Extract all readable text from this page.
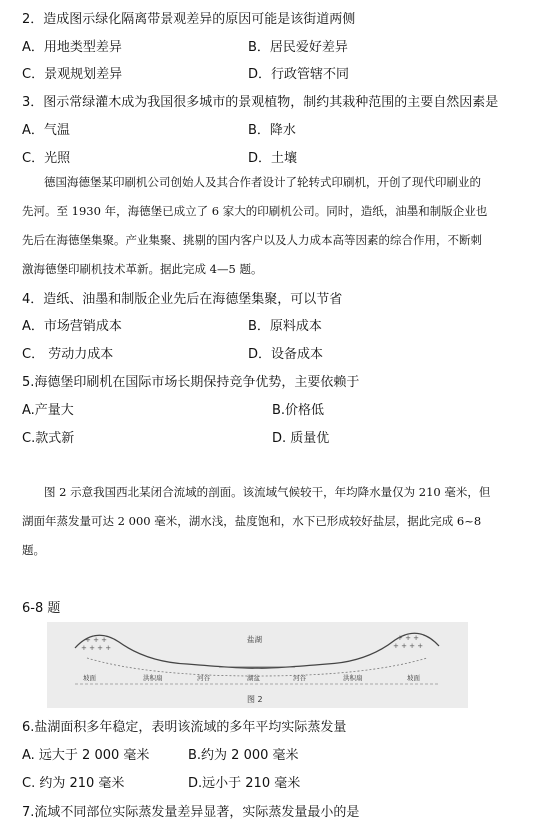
2．造成图示绿化隔离带景观差异的原因可能是该街道两侧
A．用地类型差异	B．居民爱好差异
C．景观规划差异	D．行政管辖不同
3．图示常绿灌木成为我国很多城市的景观植物，制约其栽种范围的主要自然因素是
A．气温	B．降水
C．光照	D．土壤
德国海德堡某印刷机公司创始人及其合作者设计了轮转式印刷机，开创了现代印刷业的
先河。至 1930 年，海德堡已成立了 6 家大的印刷机公司。同时，造纸，油墨和制版企业也
先后在海德堡集聚。产业集聚、挑剔的国内客户以及人力成本高等因素的综合作用，不断刺
激海德堡印刷机技术革新。据此完成 4—5 题。
4．造纸、油墨和制版企业先后在海德堡集聚，可以节省
A．市场营销成本	B．原料成本
C． 劳动力成本	D．设备成本
5.海德堡印刷机在国际市场长期保持竞争优势，主要依赖于
A.产量大	B.价格低
C.款式新	D. 质量优
图 2 示意我国西北某闭合流域的剖面。该流域气候较干，年均降水量仅为 210 毫米，但
湖面年蒸发量可达 2 000 毫米，湖水浅，盐度饱和，水下已形成较好盐层，据此完成 6~8
题。
6-8 题
+ + +
+ + + +
+ + +
+ + + +
盐湖
坡面	洪积扇	河谷	湖盆	河谷	洪积扇	坡面
图 2
6.盐湖面积多年稳定，表明该流域的多年平均实际蒸发量
A. 远大于 2 000 毫米	B.约为 2 000 毫米
C. 约为 210 毫米	D.远小于 210 毫米
7.流域不同部位实际蒸发量差异显著，实际蒸发量最小的是
